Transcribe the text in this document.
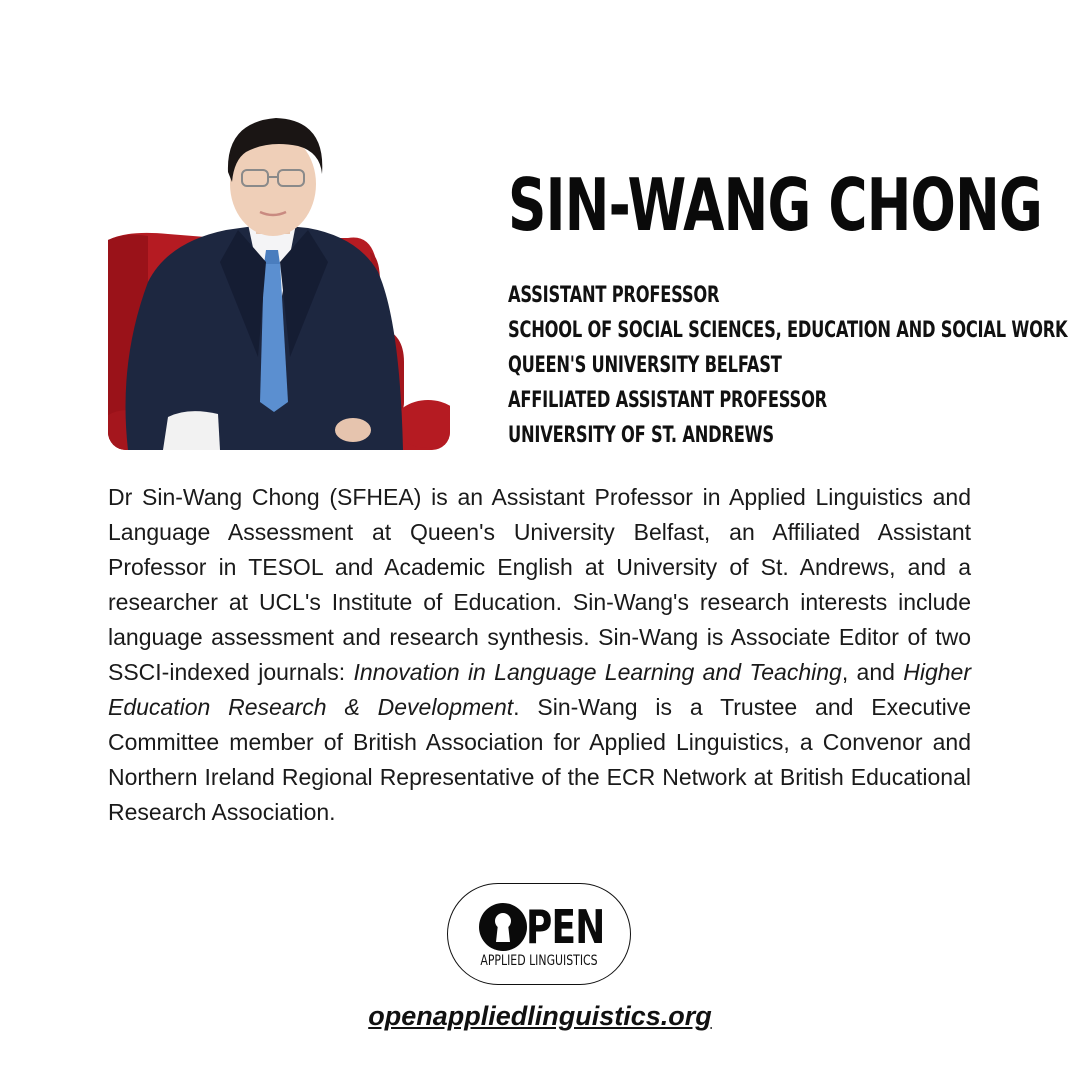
SIN-WANG CHONG
ASSISTANT PROFESSOR
SCHOOL OF SOCIAL SCIENCES, EDUCATION AND SOCIAL WORK
QUEEN'S UNIVERSITY BELFAST
AFFILIATED ASSISTANT PROFESSOR
UNIVERSITY OF ST. ANDREWS

Dr Sin-Wang Chong (SFHEA) is an Assistant Professor in Applied Linguistics and Language Assessment at Queen's University Belfast, an Affiliated Assistant Professor in TESOL and Academic English at University of St. Andrews, and a researcher at UCL's Institute of Education. Sin-Wang's research interests include language assessment and research synthesis. Sin-Wang is Associate Editor of two SSCI-indexed journals: Innovation in Language Learning and Teaching, and Higher Education Research & Development. Sin-Wang is a Trustee and Executive Committee member of British Association for Applied Linguistics, a Convenor and Northern Ireland Regional Representative of the ECR Network at British Educational Research Association.

PEN
APPLIED LINGUISTICS
openappliedlinguistics.org
